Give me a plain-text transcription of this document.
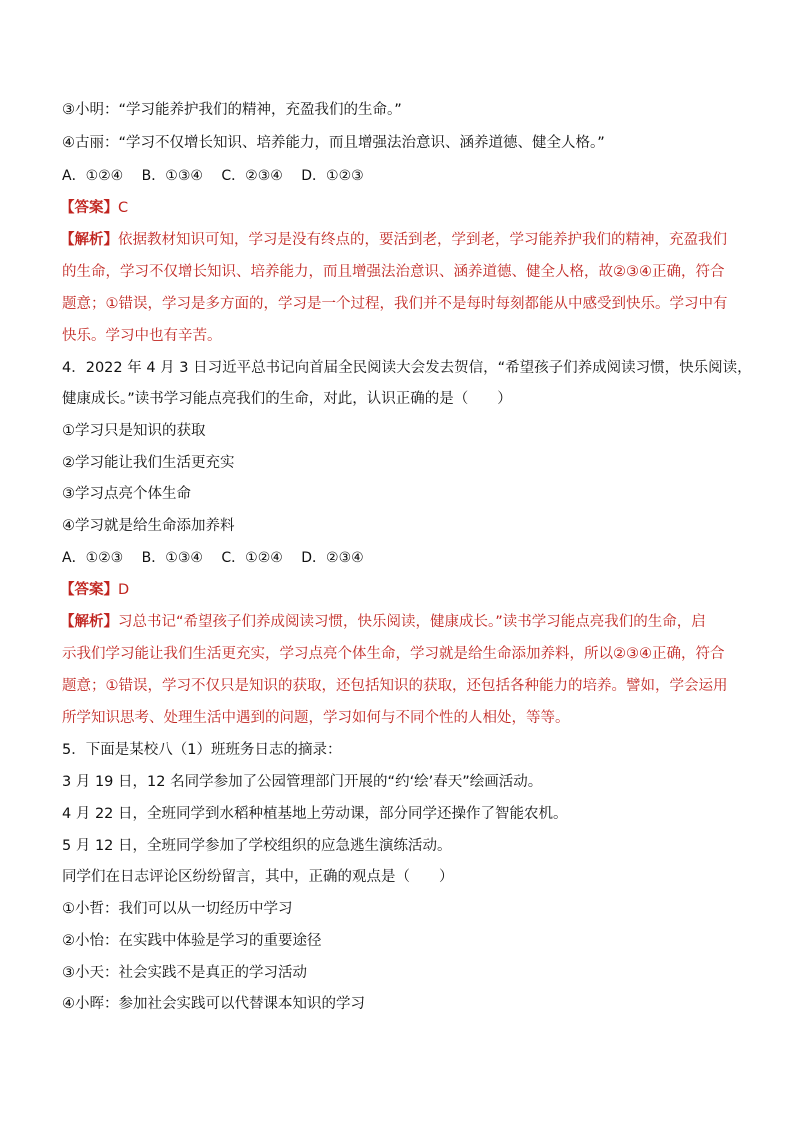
③小明：“学习能养护我们的精神，充盈我们的生命。”
④古丽：“学习不仅增长知识、培养能力，而且增强法治意识、涵养道德、健全人格。”
A．①②④　 B．①③④　 C．②③④　 D．①②③
【答案】C
【解析】依据教材知识可知，学习是没有终点的，要活到老，学到老，学习能养护我们的精神，充盈我们
的生命，学习不仅增长知识、培养能力，而且增强法治意识、涵养道德、健全人格，故②③④正确，符合
题意；①错误，学习是多方面的，学习是一个过程，我们并不是每时每刻都能从中感受到快乐。学习中有
快乐。学习中也有辛苦。
4．2022 年 4 月 3 日习近平总书记向首届全民阅读大会发去贺信，“希望孩子们养成阅读习惯，快乐阅读，
健康成长。”读书学习能点亮我们的生命，对此，认识正确的是（　　）
①学习只是知识的获取
②学习能让我们生活更充实
③学习点亮个体生命
④学习就是给生命添加养料
A．①②③　 B．①③④　 C．①②④　 D．②③④
【答案】D
【解析】习总书记“希望孩子们养成阅读习惯，快乐阅读，健康成长。”读书学习能点亮我们的生命，启
示我们学习能让我们生活更充实，学习点亮个体生命，学习就是给生命添加养料，所以②③④正确，符合
题意；①错误，学习不仅只是知识的获取，还包括知识的获取，还包括各种能力的培养。譬如，学会运用
所学知识思考、处理生活中遇到的问题，学习如何与不同个性的人相处，等等。
5．下面是某校八（1）班班务日志的摘录：
3 月 19 日，12 名同学参加了公园管理部门开展的“约‘绘’春天”绘画活动。
4 月 22 日，全班同学到水稻种植基地上劳动课，部分同学还操作了智能农机。
5 月 12 日，全班同学参加了学校组织的应急逃生演练活动。
同学们在日志评论区纷纷留言，其中，正确的观点是（　　）
①小哲：我们可以从一切经历中学习
②小怡：在实践中体验是学习的重要途径
③小天：社会实践不是真正的学习活动
④小晖：参加社会实践可以代替课本知识的学习
